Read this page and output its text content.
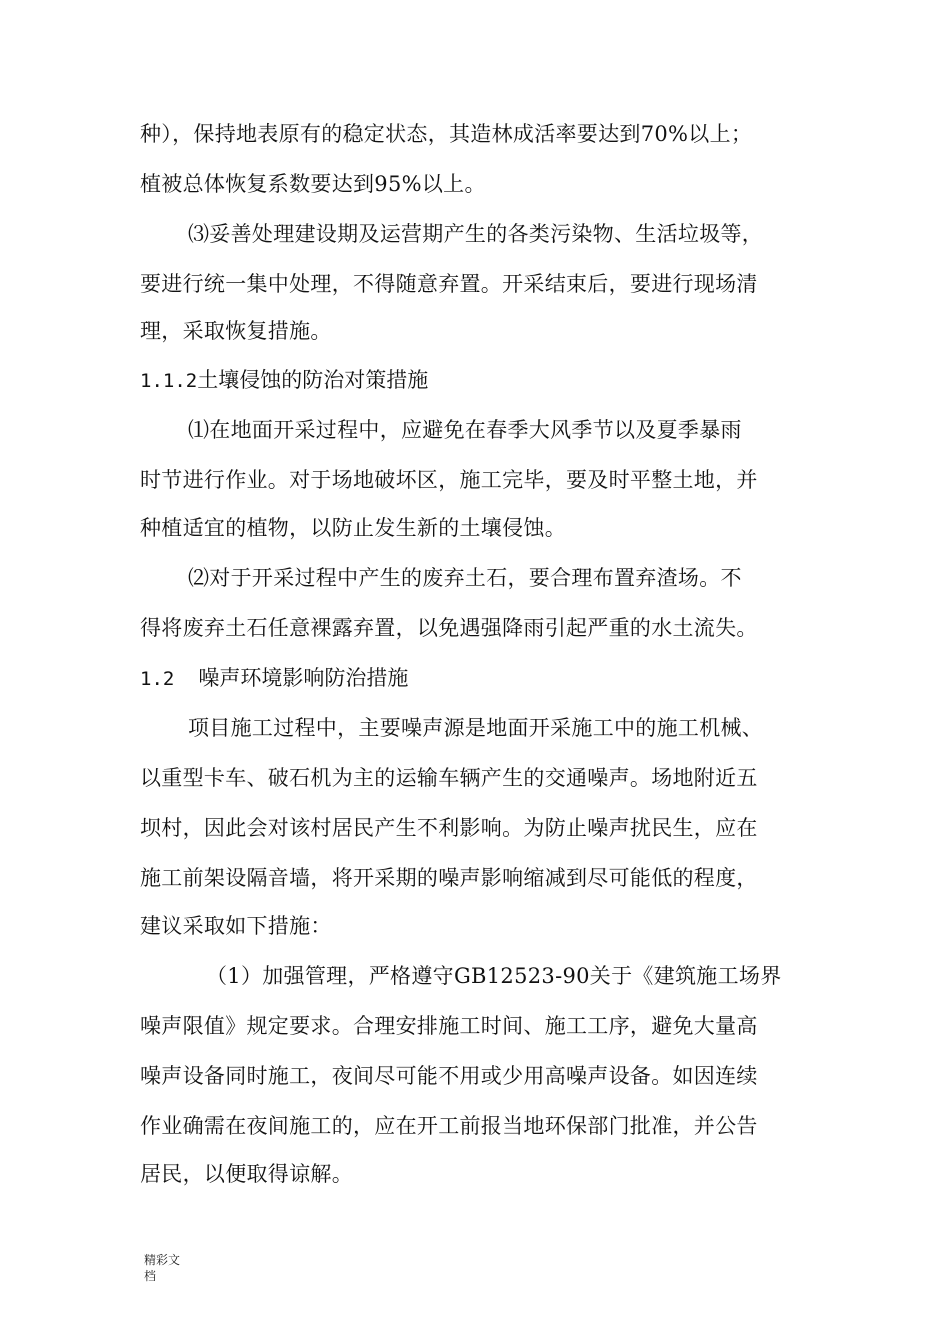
种），保持地表原有的稳定状态，其造林成活率要达到70%以上；
植被总体恢复系数要达到95%以上。
⑶妥善处理建设期及运营期产生的各类污染物、生活垃圾等，
要进行统一集中处理，不得随意弃置。开采结束后，要进行现场清
理，采取恢复措施。
1.1.2土壤侵蚀的防治对策措施
⑴在地面开采过程中，应避免在春季大风季节以及夏季暴雨
时节进行作业。对于场地破坏区，施工完毕，要及时平整土地，并
种植适宜的植物，以防止发生新的土壤侵蚀。
⑵对于开采过程中产生的废弃土石，要合理布置弃渣场。不
得将废弃土石任意裸露弃置，以免遇强降雨引起严重的水土流失。
1.2 噪声环境影响防治措施
项目施工过程中，主要噪声源是地面开采施工中的施工机械、
以重型卡车、破石机为主的运输车辆产生的交通噪声。场地附近五
坝村，因此会对该村居民产生不利影响。为防止噪声扰民生，应在
施工前架设隔音墙，将开采期的噪声影响缩减到尽可能低的程度，
建议采取如下措施：
（1）加强管理，严格遵守GB12523-90关于《建筑施工场界
噪声限值》规定要求。合理安排施工时间、施工工序，避免大量高
噪声设备同时施工，夜间尽可能不用或少用高噪声设备。如因连续
作业确需在夜间施工的，应在开工前报当地环保部门批准，并公告
居民，以便取得谅解。
精彩文
档
